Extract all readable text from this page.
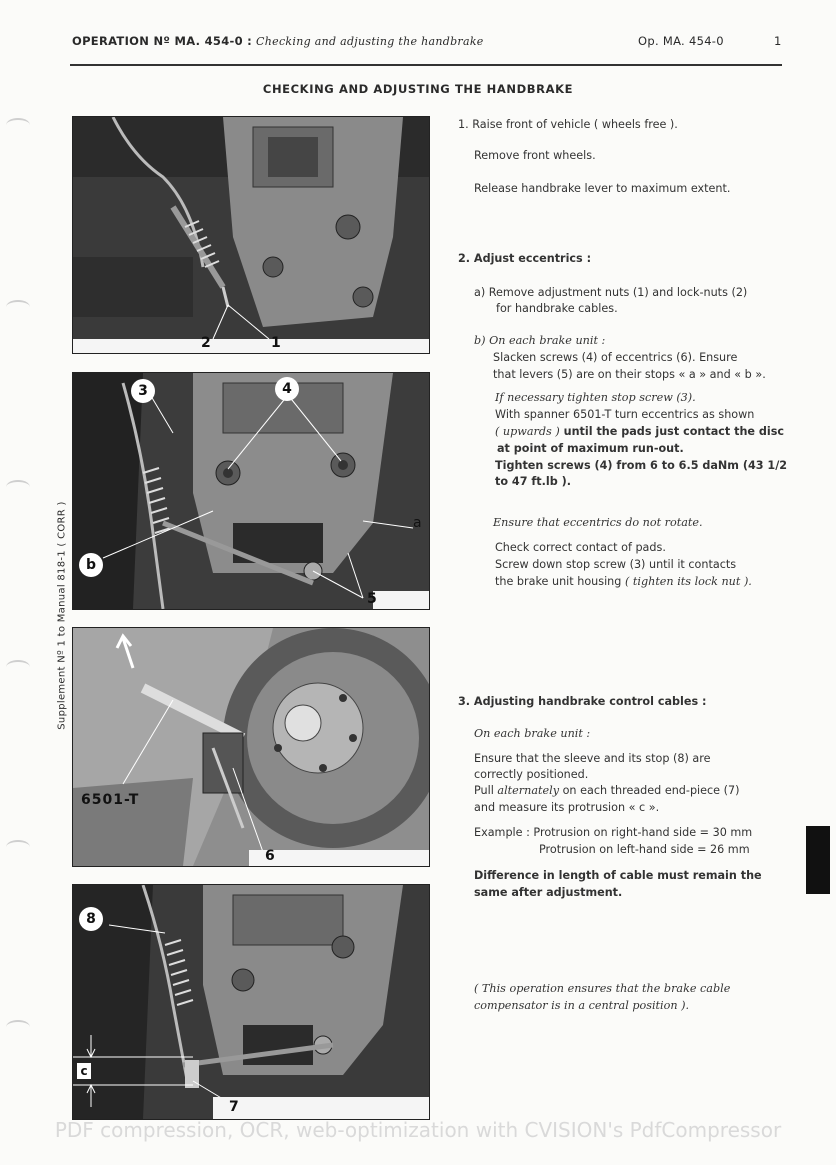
OPERATION Nº MA. 454-0 : Checking and adjusting the handbrake	Op. MA. 454-0	1
CHECKING AND ADJUSTING THE HANDBRAKE
Supplement Nº 1 to Manual 818-1 ( CORR )
2	1
3	4
b
a
5
6501-T
6
8
c
7
1. Raise front of vehicle ( wheels free ).
Remove front wheels.
Release handbrake lever to maximum extent.
2. Adjust eccentrics :
a) Remove adjustment nuts (1) and lock-nuts (2)
for handbrake cables.
b) On each brake unit :
Slacken screws (4) of eccentrics (6). Ensure
that levers (5) are on their stops « a » and « b ».
If necessary tighten stop screw (3).
With spanner 6501-T turn eccentrics as shown
( upwards ) until the pads just contact the disc
at point of maximum run-out.
Tighten screws (4) from 6 to 6.5 daNm (43 1/2
to 47 ft.lb ).
Ensure that eccentrics do not rotate.
Check correct contact of pads.
Screw down stop screw (3) until it contacts
the brake unit housing ( tighten its lock nut ).
3. Adjusting handbrake control cables :
On each brake unit :
Ensure that the sleeve and its stop (8) are
correctly positioned.
Pull alternately on each threaded end-piece (7)
and measure its protrusion « c ».
Example : Protrusion on right-hand side = 30 mm
Protrusion on left-hand side = 26 mm
Difference in length of cable must remain the
same after adjustment.
( This operation ensures that the brake cable
compensator is in a central position ).
PDF compression, OCR, web-optimization with CVISION's PdfCompressor
